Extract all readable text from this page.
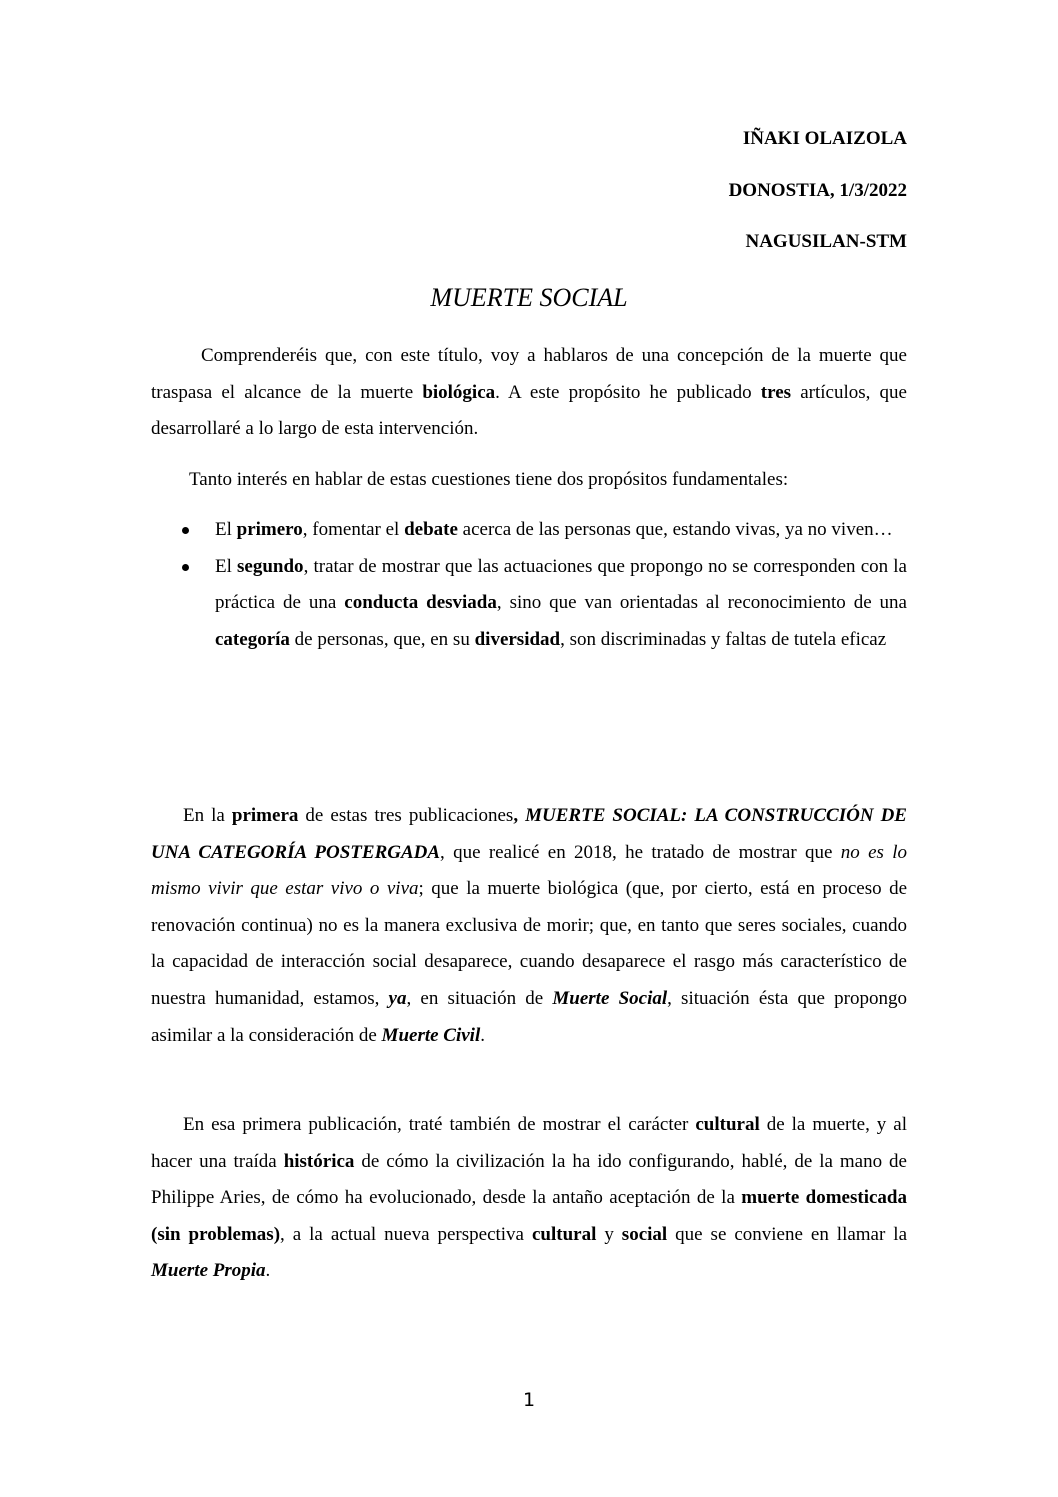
IÑAKI OLAIZOLA
DONOSTIA, 1/3/2022
NAGUSILAN-STM
MUERTE SOCIAL

Comprenderéis que, con este título, voy a hablaros de una concepción de la muerte que traspasa el alcance de la muerte biológica. A este propósito he publicado tres artículos, que desarrollaré a lo largo de esta intervención.

Tanto interés en hablar de estas cuestiones tiene dos propósitos fundamentales:
El primero, fomentar el debate acerca de las personas que, estando vivas, ya no viven…
El segundo, tratar de mostrar que las actuaciones que propongo no se corresponden con la práctica de una conducta desviada, sino que van orientadas al reconocimiento de una categoría de personas, que, en su diversidad, son discriminadas y faltas de tutela eficaz

En la primera de estas tres publicaciones, MUERTE SOCIAL: LA CONSTRUCCIÓN DE UNA CATEGORÍA POSTERGADA, que realicé en 2018, he tratado de mostrar que no es lo mismo vivir que estar vivo o viva; que la muerte biológica (que, por cierto, está en proceso de renovación continua) no es la manera exclusiva de morir; que, en tanto que seres sociales, cuando la capacidad de interacción social desaparece, cuando desaparece el rasgo más característico de nuestra humanidad, estamos, ya, en situación de Muerte Social, situación ésta que propongo asimilar a la consideración de Muerte Civil.

En esa primera publicación, traté también de mostrar el carácter cultural de la muerte, y al hacer una traída histórica de cómo la civilización la ha ido configurando, hablé, de la mano de Philippe Aries, de cómo ha evolucionado, desde la antaño aceptación de la muerte domesticada (sin problemas), a la actual nueva perspectiva cultural y social que se conviene en llamar la Muerte Propia.

1
